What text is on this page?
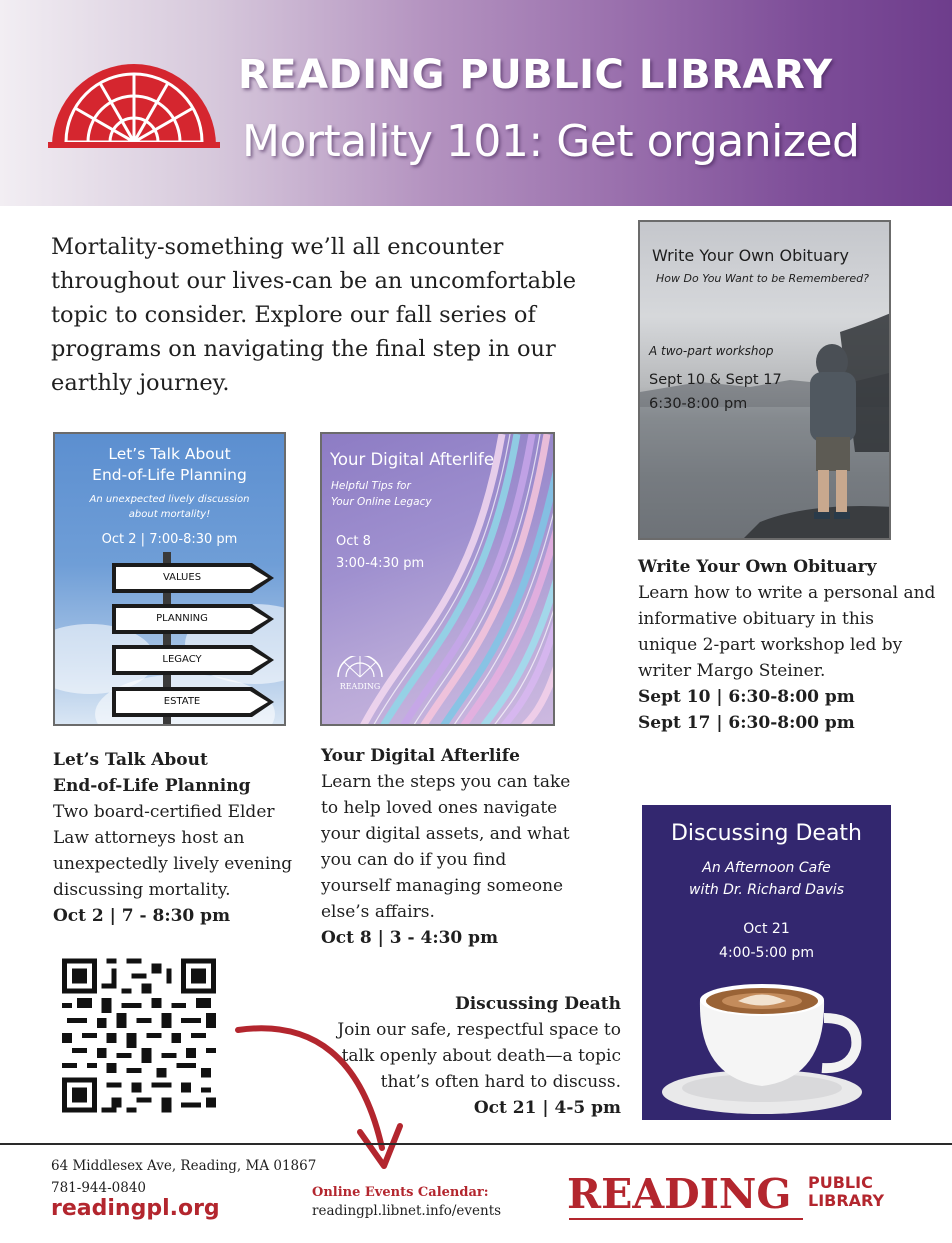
READING PUBLIC LIBRARY
Mortality 101: Get organized

Mortality-something we’ll all encounter throughout our lives-can be an uncomfortable topic to consider. Explore our fall series of programs on navigating the final step in our earthly journey.

Let’s Talk About
End-of-Life Planning
An unexpected lively discussion
about mortality!
Oct 2 | 7:00-8:30 pm
VALUES
PLANNING
LEGACY
ESTATE
Your Digital Afterlife
Helpful Tips for
Your Online Legacy
Oct 8
3:00-4:30 pm
READING
Write Your Own Obituary
How Do You Want to be Remembered?
A two-part workshop
Sept 10 & Sept 17
6:30-8:00 pm
Discussing Death
An Afternoon Cafe
with Dr. Richard Davis
Oct 21
4:00-5:00 pm
Let’s Talk About
End-of-Life Planning
Two board-certified Elder Law attorneys host an unexpectedly lively evening discussing mortality.
Oct 2 | 7 - 8:30 pm
Your Digital Afterlife
Learn the steps you can take to help loved ones navigate your digital assets, and what you can do if you find yourself managing someone else’s affairs.
Oct 8 | 3 - 4:30 pm
Write Your Own Obituary
Learn how to write a personal and informative obituary in this unique 2-part workshop led by writer Margo Steiner.
Sept 10 | 6:30-8:00 pm
Sept 17 | 6:30-8:00 pm
Discussing Death
Join our safe, respectful space to talk openly about death—a topic that’s often hard to discuss.
Oct 21 | 4-5 pm
64 Middlesex Ave, Reading, MA 01867
781-944-0840
readingpl.org
Online Events Calendar:
readingpl.libnet.info/events READING PUBLIC
LIBRARY
